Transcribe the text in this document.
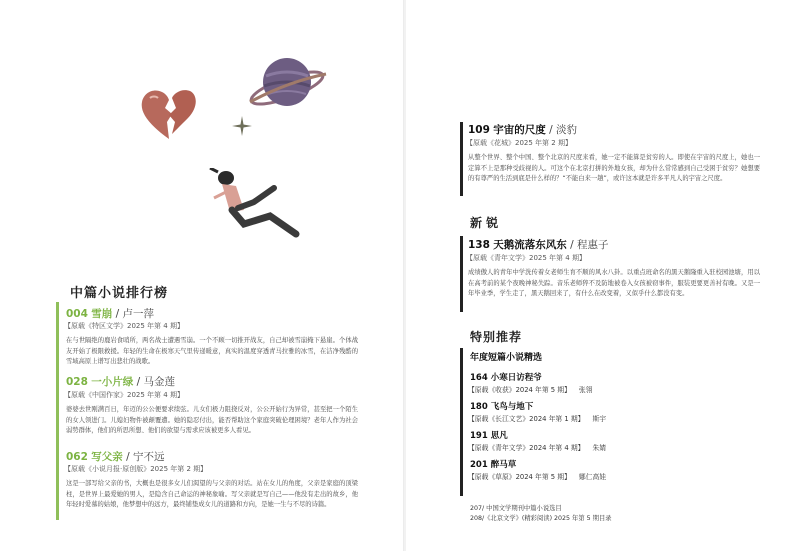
中篇小说排行榜
004 雪崩 / 卢一萍
【原载《特区文学》2025 年第 4 期】
在与世隔绝的鹿岩食哨所，两名战士遭遇雪崩。一个不顾一切推开战友，自己却被雪崩掩下悬崖。个体战友开始了极限救援。年轻的生命在极寒天气里传递暖意，真实的温度穿透青马拉雅的冰雪，在洁净残酷的雪域高原上谱写出悲壮的战歌。
028 一小片绿 / 马金莲
【原载《中国作家》2025 年第 4 期】
婆婆去世刚满百日，年迈的公公便要求续弦。儿女们极力阻挠反对，公公开始行为异常，甚至把一个陌生的女人领进门。儿媳妇物件被颠覆遭。她的隐忍付出，能否帮助这个家庭突破伦理困境？老年人作为社会弱势群体，他们的所思所想、他们的欲望与需求应该被更多人看见。
062 写父亲 / 宁不远
【原载《小说月报·原创版》2025 年第 2 期】
这是一部写给父亲的书，大概也是很多女儿们渴望的与父亲的对话。站在女儿的角度，父亲是家庭的顶梁柱，是世界上最爱她的男人，是隐含自己命运的神秘象喻。写父亲就是写自己——他没有走出的故乡，他年轻时爱慕的姑娘，他梦想中的远方，最终铺垫成女儿的道路和方向，是她一生与不尽的诗篇。
109 宇宙的尺度 / 淡豹
【原载《花城》2025 年第 2 期】
从整个世界、整个中国、整个北京的尺度来看，她一定不能算是贫穷的人。即使在宇宙的尺度上，她也一定算不上是那种受歧视的人。可这个在北京打拼的外地女孩，却为什么常常感到自己受困于贫穷？她想要的有尊严的生活到底是什么样的？“不能白来一趟”，或许这本就是许多平凡人的宇宙之尺度。
新 锐
138 天鹅流落东风东 / 程惠子
【原载《青年文学》2025 年第 4 期】
成绩傲人的青年中学洗传着女老师生育不顺的风水八卦。以重点班命名的黑天鹅隆重入驻校园池塘，用以在高考前的某个夜晚神秘失踪。音乐老师猝不及防地被卷入女孩被窃事件，服装更要更善衬有晚。又是一年毕业季，学生走了，黑天鹅回来了，有什么在改变着，又似乎什么都没有变。
特别推荐
年度短篇小说精选
164 小寒日访程爷
【原载《收获》2024 年第 5 期】 张翎
180 飞鸟与地下
【原载《长江文艺》2024 年第 1 期】 斯宇
191 思凡
【原载《青年文学》2024 年第 4 期】 朱婧
201 醉马草
【原载《草原》2024 年第 5 期】 娜仁高娃
207/ 中国文学期刊中篇小说选目
208/《北京文学》(精彩阅读) 2025 年第 5 期目录
